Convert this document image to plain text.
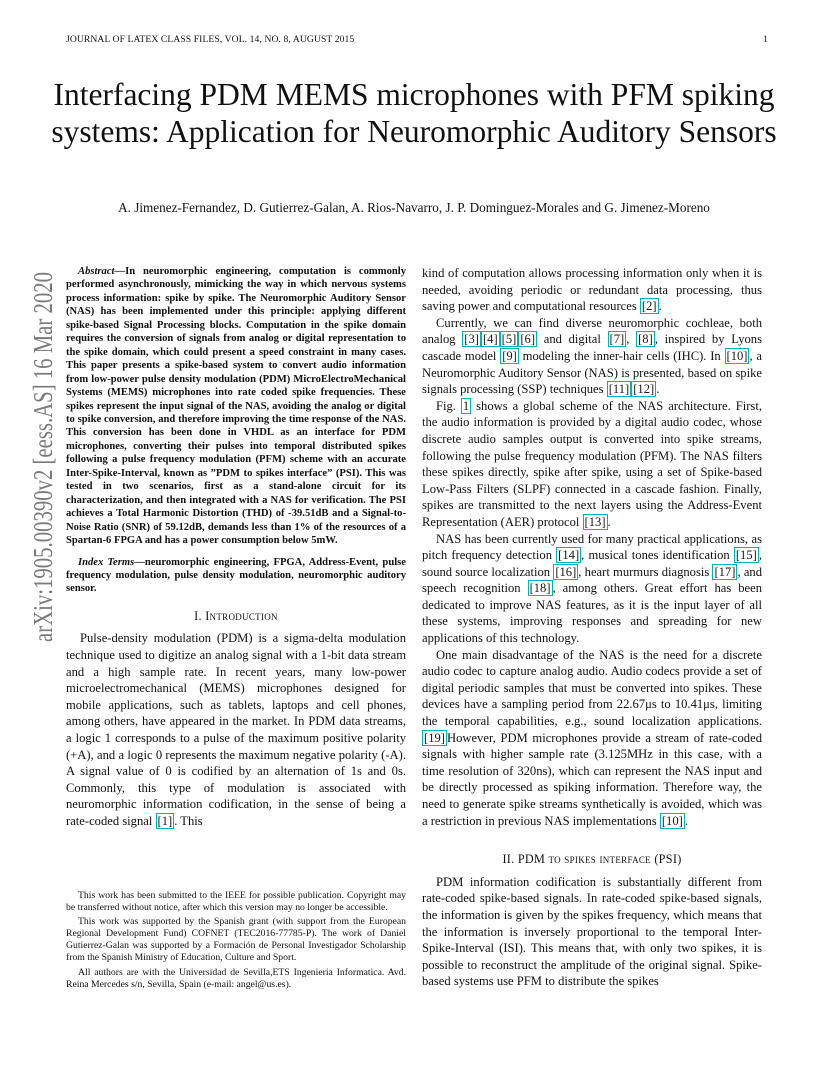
JOURNAL OF LATEX CLASS FILES, VOL. 14, NO. 8, AUGUST 2015	1
Interfacing PDM MEMS microphones with PFM spiking systems: Application for Neuromorphic Auditory Sensors
A. Jimenez-Fernandez, D. Gutierrez-Galan, A. Rios-Navarro, J. P. Dominguez-Morales and G. Jimenez-Moreno
arXiv:1905.00390v2 [eess.AS] 16 Mar 2020	Abstract—In neuromorphic engineering, computation is commonly performed asynchronously, mimicking the way in which nervous systems process information: spike by spike. The Neuromorphic Auditory Sensor (NAS) has been implemented under this principle: applying different spike-based Signal Processing blocks. Computation in the spike domain requires the conversion of signals from analog or digital representation to the spike domain, which could present a speed constraint in many cases. This paper presents a spike-based system to convert audio information from low-power pulse density modulation (PDM) MicroElectroMechanical Systems (MEMS) microphones into rate coded spike frequencies. These spikes represent the input signal of the NAS, avoiding the analog or digital to spike conversion, and therefore improving the time response of the NAS. This conversion has been done in VHDL as an interface for PDM microphones, converting their pulses into temporal distributed spikes following a pulse frequency modulation (PFM) scheme with an accurate Inter-Spike-Interval, known as ”PDM to spikes interface” (PSI). This was tested in two scenarios, first as a stand-alone circuit for its characterization, and then integrated with a NAS for verification. The PSI achieves a Total Harmonic Distortion (THD) of -39.51dB and a Signal-to-Noise Ratio (SNR) of 59.12dB, demands less than 1% of the resources of a Spartan-6 FPGA and has a power consumption below 5mW.

Index Terms—neuromorphic engineering, FPGA, Address-Event, pulse frequency modulation, pulse density modulation, neuromorphic auditory sensor.

I. Introduction

Pulse-density modulation (PDM) is a sigma-delta modulation technique used to digitize an analog signal with a 1-bit data stream and a high sample rate. In recent years, many low-power microelectromechanical (MEMS) microphones designed for mobile applications, such as tablets, laptops and cell phones, among others, have appeared in the market. In PDM data streams, a logic 1 corresponds to a pulse of the maximum positive polarity (+A), and a logic 0 represents the maximum negative polarity (-A). A signal value of 0 is codified by an alternation of 1s and 0s. Commonly, this type of modulation is associated with neuromorphic information codification, in the sense of being a rate-coded signal [1] . This

This work has been submitted to the IEEE for possible publication. Copyright may be transferred without notice, after which this version may no longer be accessible.

This work was supported by the Spanish grant (with support from the European Regional Development Fund) COFNET (TEC2016-77785-P). The work of Daniel Gutierrez-Galan was supported by a Formación de Personal Investigador Scholarship from the Spanish Ministry of Education, Culture and Sport.

All authors are with the Universidad de Sevilla,ETS Ingenieria Informatica. Avd. Reina Mercedes s/n, Sevilla, Spain (e-mail: angel@us.es).

kind of computation allows processing information only when it is needed, avoiding periodic or redundant data processing, thus saving power and computational resources [2] .

Currently, we can find diverse neuromorphic cochleae, both analog [3] [4] [5] [6] and digital [7] , [8] , inspired by Lyons cascade model [9] modeling the inner-hair cells (IHC). In [10] , a Neuromorphic Auditory Sensor (NAS) is presented, based on spike signals processing (SSP) techniques [11] [12] .

Fig. 1 shows a global scheme of the NAS architecture. First, the audio information is provided by a digital audio codec, whose discrete audio samples output is converted into spike streams, following the pulse frequency modulation (PFM). The NAS filters these spikes directly, spike after spike, using a set of Spike-based Low-Pass Filters (SLPF) connected in a cascade fashion. Finally, spikes are transmitted to the next layers using the Address-Event Representation (AER) protocol [13] .

NAS has been currently used for many practical applications, as pitch frequency detection [14] , musical tones identification [15] , sound source localization [16] , heart murmurs diagnosis [17] , and speech recognition [18] , among others. Great effort has been dedicated to improve NAS features, as it is the input layer of all these systems, improving responses and spreading for new applications of this technology.

One main disadvantage of the NAS is the need for a discrete audio codec to capture analog audio. Audio codecs provide a set of digital periodic samples that must be converted into spikes. These devices have a sampling period from 22.67μs to 10.41μs, limiting the temporal capabilities, e.g., sound localization applications. [19] However, PDM microphones provide a stream of rate-coded signals with higher sample rate (3.125MHz in this case, with a time resolution of 320ns), which can represent the NAS input and be directly processed as spiking information. Therefore way, the need to generate spike streams synthetically is avoided, which was a restriction in previous NAS implementations [10] .

II. PDM to spikes interface (PSI)

PDM information codification is substantially different from rate-coded spike-based signals. In rate-coded spike-based signals, the information is given by the spikes frequency, which means that the information is inversely proportional to the temporal Inter-Spike-Interval (ISI). This means that, with only two spikes, it is possible to reconstruct the amplitude of the original signal. Spike-based systems use PFM to distribute the spikes
